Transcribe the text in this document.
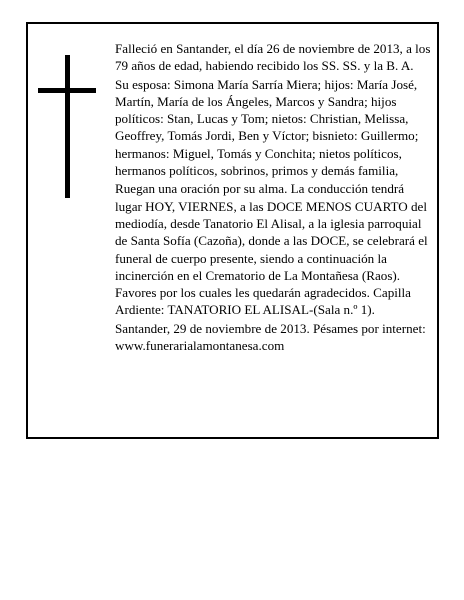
Falleció en Santander, el día 26 de noviembre de 2013, a los 79 años de edad, habiendo recibido los SS. SS. y la B. A.

Su esposa: Simona María Sarría Miera; hijos: María José, Martín, María de los Ángeles, Marcos y Sandra; hijos políticos: Stan, Lucas y Tom; nietos: Christian, Melissa, Geoffrey, Tomás Jordi, Ben y Víctor; bisnieto: Guillermo; hermanos: Miguel, Tomás y Conchita; nietos políticos, hermanos políticos, sobrinos, primos y demás familia,

Ruegan una oración por su alma. La conducción tendrá lugar HOY, VIERNES, a las DOCE MENOS CUARTO del mediodía, desde Tanatorio El Alisal, a la iglesia parroquial de Santa Sofía (Cazoña), donde a las DOCE, se celebrará el funeral de cuerpo presente, siendo a continuación la incinerción en el Crematorio de La Montañesa (Raos). Favores por los cuales les quedarán agradecidos. Capilla Ardiente: TANATORIO EL ALISAL-(Sala n.º 1).

Santander, 29 de noviembre de 2013. Pésames por internet: www.funerarialamontanesa.com
